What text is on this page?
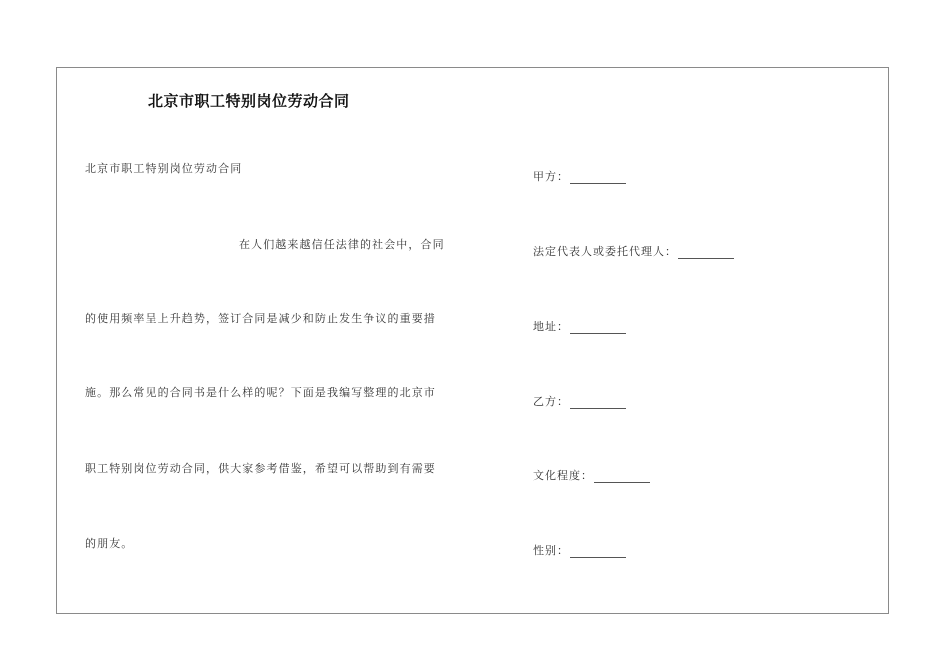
北京市职工特别岗位劳动合同
北京市职工特别岗位劳动合同
在人们越来越信任法律的社会中，合同
的使用频率呈上升趋势，签订合同是减少和防止发生争议的重要措
施。那么常见的合同书是什么样的呢？下面是我编写整理的北京市
职工特别岗位劳动合同，供大家参考借鉴，希望可以帮助到有需要
的朋友。
甲方：
法定代表人或委托代理人：
地址：
乙方：
文化程度：
性别：
